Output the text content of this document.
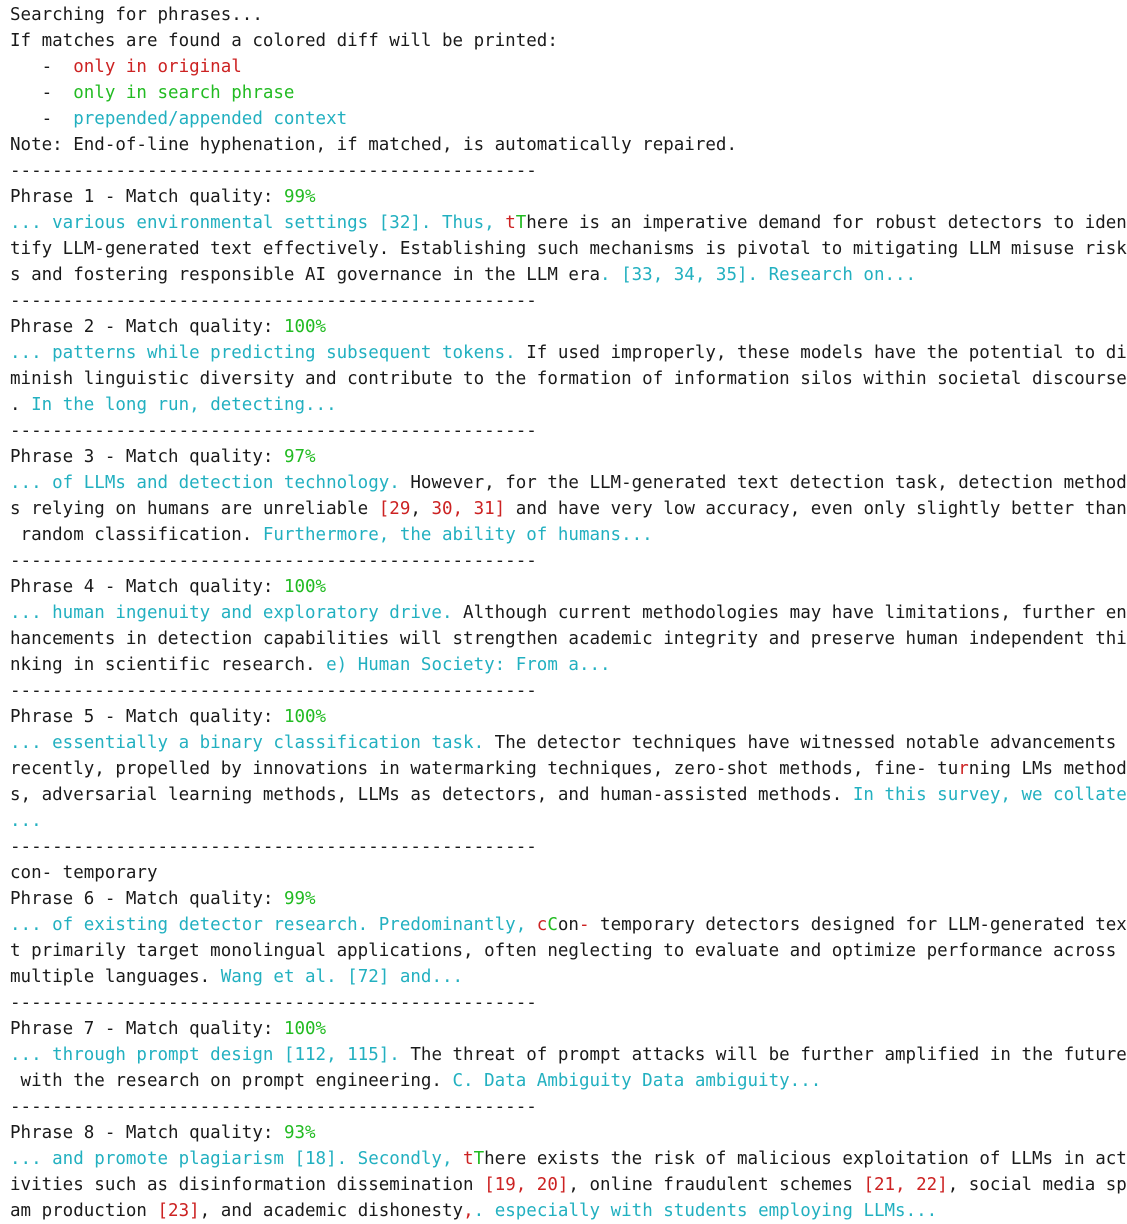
Searching for phrases...
If matches are found a colored diff will be printed:
-  only in original
-  only in search phrase
-  prepended/appended context
Note: End-of-line hyphenation, if matched, is automatically repaired.
--------------------------------------------------
Phrase 1 - Match quality: 99%
... various environmental settings [32]. Thus, tThere is an imperative demand for robust detectors to iden
tify LLM-generated text effectively. Establishing such mechanisms is pivotal to mitigating LLM misuse risk
s and fostering responsible AI governance in the LLM era. [33, 34, 35]. Research on...
--------------------------------------------------
Phrase 2 - Match quality: 100%
... patterns while predicting subsequent tokens. If used improperly, these models have the potential to di
minish linguistic diversity and contribute to the formation of information silos within societal discourse
. In the long run, detecting...
--------------------------------------------------
Phrase 3 - Match quality: 97%
... of LLMs and detection technology. However, for the LLM-generated text detection task, detection method
s relying on humans are unreliable [29, 30, 31] and have very low accuracy, even only slightly better than
random classification. Furthermore, the ability of humans...
--------------------------------------------------
Phrase 4 - Match quality: 100%
... human ingenuity and exploratory drive. Although current methodologies may have limitations, further en
hancements in detection capabilities will strengthen academic integrity and preserve human independent thi
nking in scientific research. e) Human Society: From a...
--------------------------------------------------
Phrase 5 - Match quality: 100%
... essentially a binary classification task. The detector techniques have witnessed notable advancements
recently, propelled by innovations in watermarking techniques, zero-shot methods, fine- turning LMs method
s, adversarial learning methods, LLMs as detectors, and human-assisted methods. In this survey, we collate
...
--------------------------------------------------
con- temporary
Phrase 6 - Match quality: 99%
... of existing detector research. Predominantly, cCon- temporary detectors designed for LLM-generated tex
t primarily target monolingual applications, often neglecting to evaluate and optimize performance across
multiple languages. Wang et al. [72] and...
--------------------------------------------------
Phrase 7 - Match quality: 100%
... through prompt design [112, 115]. The threat of prompt attacks will be further amplified in the future
with the research on prompt engineering. C. Data Ambiguity Data ambiguity...
--------------------------------------------------
Phrase 8 - Match quality: 93%
... and promote plagiarism [18]. Secondly, tThere exists the risk of malicious exploitation of LLMs in act
ivities such as disinformation dissemination [19, 20], online fraudulent schemes [21, 22], social media sp
am production [23], and academic dishonesty,. especially with students employing LLMs...
